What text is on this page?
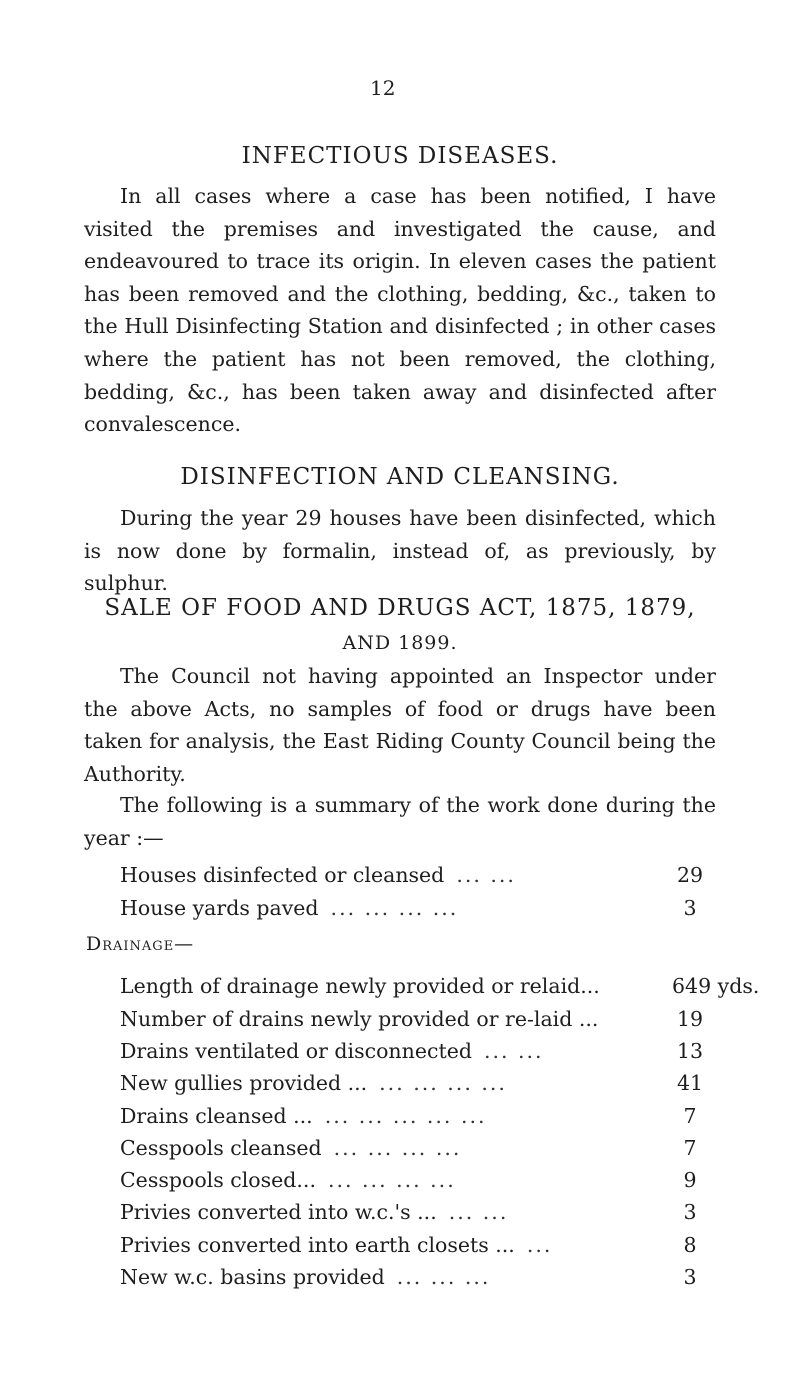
12
INFECTIOUS DISEASES.

In all cases where a case has been notified, I have visited the premises and investigated the cause, and endeavoured to trace its origin. In eleven cases the patient has been removed and the clothing, bedding, &c., taken to the Hull Disinfecting Station and disinfected ; in other cases where the patient has not been removed, the clothing, bedding, &c., has been taken away and disinfected after convalescence.

DISINFECTION AND CLEANSING.

During the year 29 houses have been disinfected, which is now done by formalin, instead of, as previously, by sulphur.

SALE OF FOOD AND DRUGS ACT, 1875, 1879,
AND 1899.

The Council not having appointed an Inspector under the above Acts, no samples of food or drugs have been taken for analysis, the East Riding County Council being the Authority.

The following is a summary of the work done during the year :—

Houses disinfected or cleansed ... ...	29
House yards paved ... ... ... ...	3
Drainage—
Length of drainage newly provided or relaid...	649 yds.
Number of drains newly provided or re-laid ...	19
Drains ventilated or disconnected ... ...	13
New gullies provided ... ... ... ... ...	41
Drains cleansed ... ... ... ... ... ...	7
Cesspools cleansed ... ... ... ...	7
Cesspools closed... ... ... ... ...	9
Privies converted into w.c.'s ... ... ...	3
Privies converted into earth closets ... ...	8
New w.c. basins provided ... ... ...	3
